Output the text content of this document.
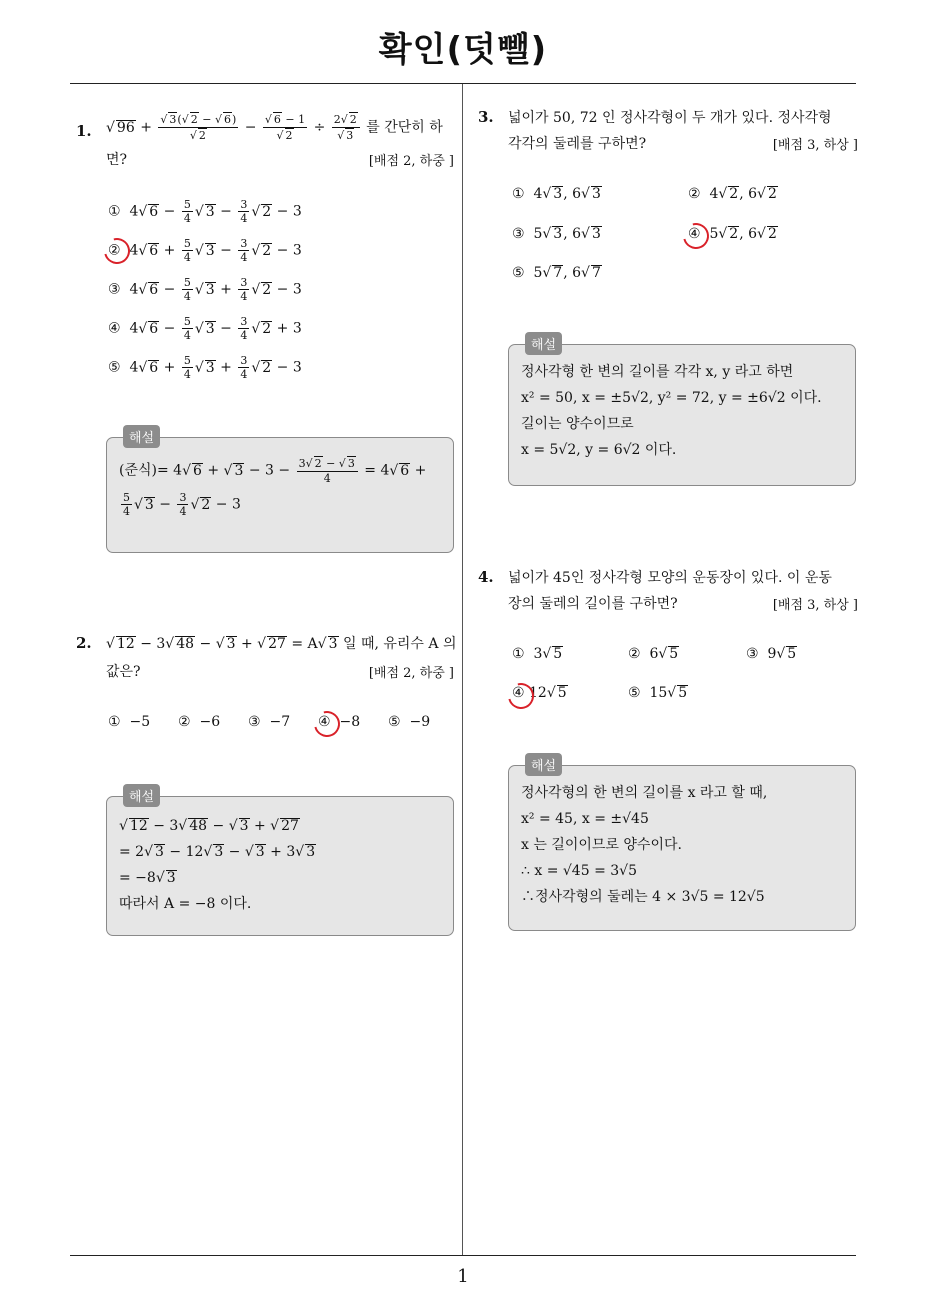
확인(덧뺄)
1
1.
√	96 +
√ 3(√ 2 − √ 6)
√ 2 −
√ 6 − 1
√ 2 ÷ 2√ 2
√ 3 를 간단히 하
면?	[배점 2, 하중 ]
①  4√ $6 - \frac{5}{4}$
√ $3 - \frac{3}{4}$
√ 2 − 3
②  4√ $6 + \frac{5}{4}$
√ $3 - \frac{3}{4}$
√ 2 − 3
③  4√ $6 - \frac{5}{4}$
√ $3 + \frac{3}{4}$
√ 2 − 3
④  4√ $6 - \frac{5}{4}$
√ $3 - \frac{3}{4}$
√ 2 + 3
⑤  4√ $6 + \frac{5}{4}$
√ $3 + \frac{3}{4}$
√ 2 − 3
해설
(준식)= 4√ 6 + √ $3 - 3 - \frac{3√ 2 - √ 3}{4} = 4√$ 6 +
$\frac{5}{4}$
√ $3 - \frac{3}{4}$
√ 2 − 3
2.
√	12 − 3√ 48 − √ 3 + √ 27 = A√ 3 일 때, 유리수 A 의
값은?	[배점 2, 하중 ]
① −5 ② −6 ③ −7 ④ −8 ⑤ −9
해설
√ 12 − 3√ 48 − √ 3 + √ 27
= 2√ 3 − 12√ 3 − √ 3 + 3√ 3
= −8√ 3
따라서 A = −8 이다.
3. 넓이가 50, 72 인 정사각형이 두 개가 있다. 정사각형
각각의 둘레를 구하면?	[배점 3, 하상 ]
①  4√ 3, 6√ 3	②  4√ 2, 6√ 2
③  5√ 3, 6√ 3	④  5√ 2, 6√ 2
⑤  5√ 7, 6√ 7
해설
정사각형 한 변의 길이를 각각 x, y 라고 하면
x² = 50, x = ±5√2, y² = 72, y = ±6√2 이다.
길이는 양수이므로
x = 5√2, y = 6√2 이다.
4. 넓이가 45인 정사각형 모양의 운동장이 있다. 이 운동
장의 둘레의 길이를 구하면?	[배점 3, 하상 ]
①  3√ 5	②  6√ 5	③  9√ 5
④ 12√ 5	⑤  15√ 5
해설
정사각형의 한 변의 길이를 x 라고 할 때,
x² = 45, x = ±√45
x 는 길이이므로 양수이다.
∴ x = √45 = 3√5
∴정사각형의 둘레는 4 × 3√5 = 12√5
